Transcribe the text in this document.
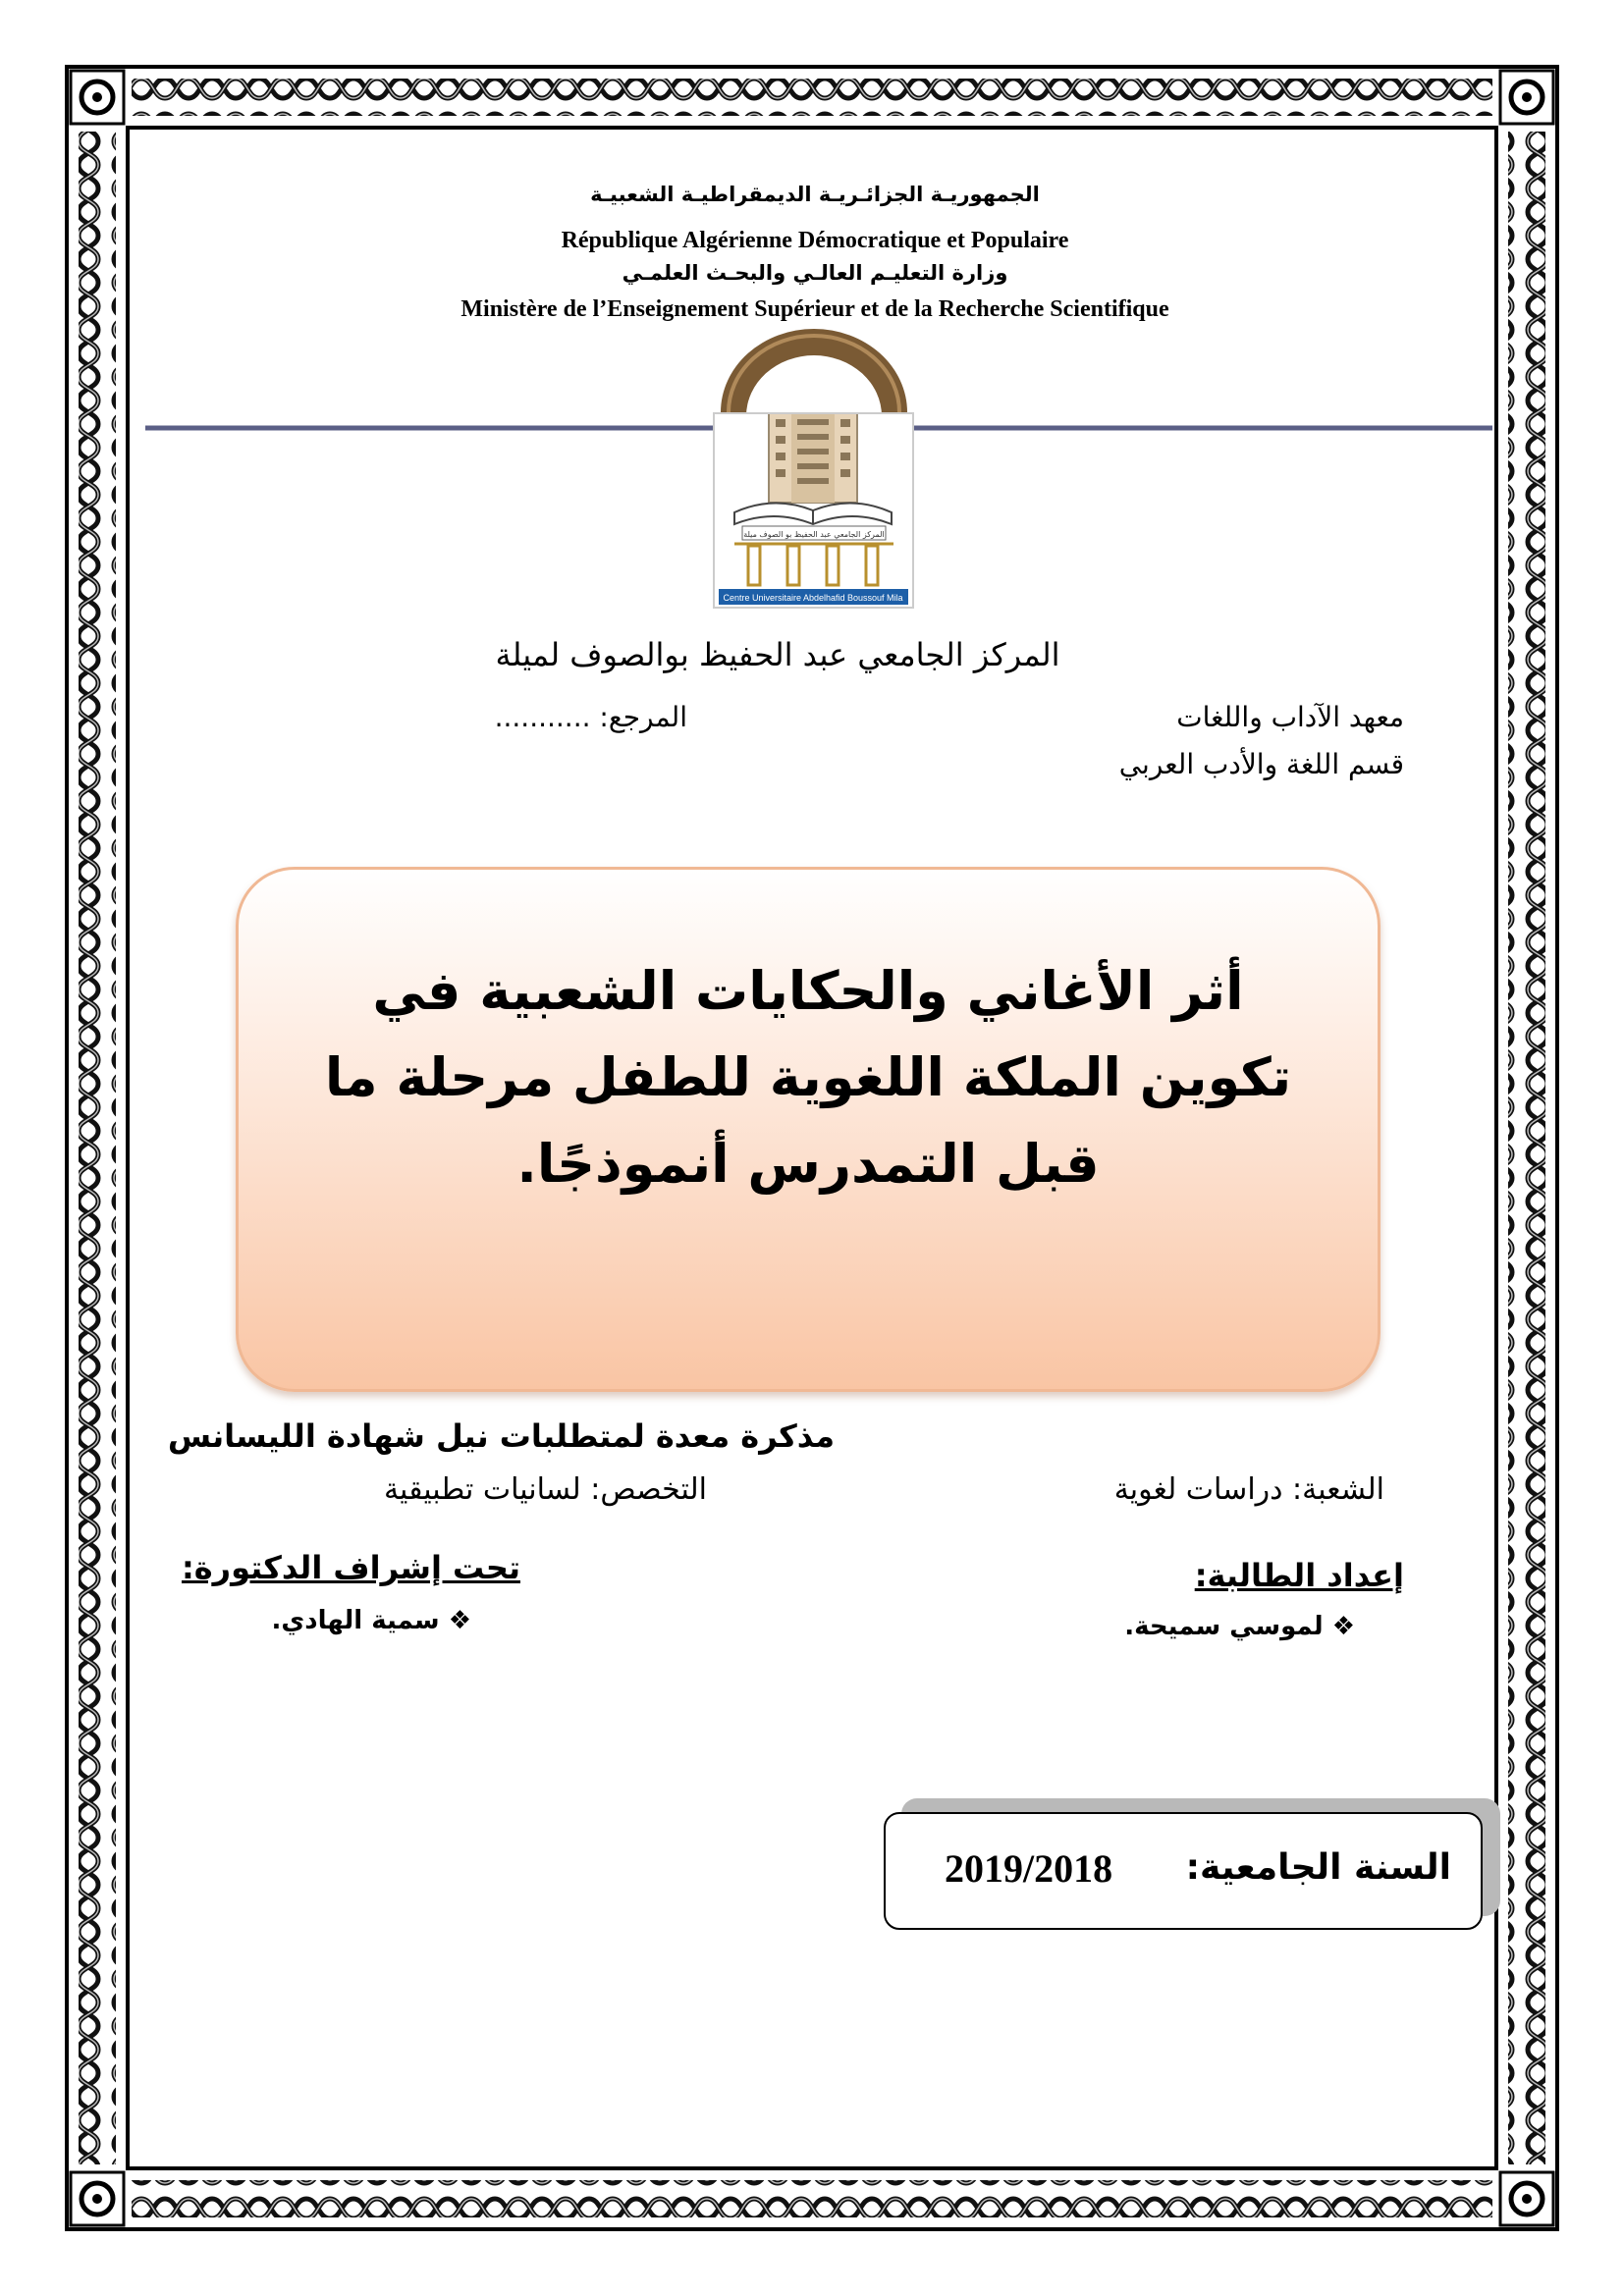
الجمهوريـة الجزائـريـة الديمقراطيـة الشعبيـة
République Algérienne Démocratique et Populaire
وزارة التعليـم العالـي والبحـث العلمـي
Ministère de l’Enseignement Supérieur et de la Recherche Scientifique
المركز الجامعي عبد الحفيظ بو الصوف ميلة
Centre Universitaire Abdelhafid Boussouf Mila
المركز الجامعي عبد الحفيظ بوالصوف لميلة
معهد الآداب واللغات
المرجع: ...........
قسم اللغة والأدب العربي
أثر الأغاني والحكايات الشعبية في
تكوين الملكة اللغوية للطفل مرحلة ما
قبل التمدرس أنموذجًا.
مذكرة معدة لمتطلبات نيل شهادة الليسانس
الشعبة: دراسات لغوية
التخصص: لسانيات تطبيقية
إعداد الطالبة:
❖ لموسي سميحة.
تحت إشراف الدكتورة:
❖ سمية الهادي.
السنة الجامعية:
2019/2018
